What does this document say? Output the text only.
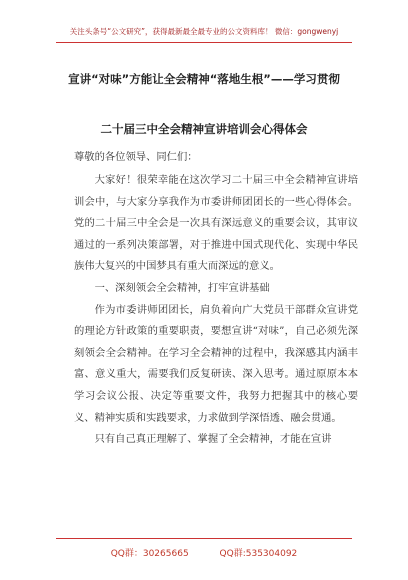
关注头条号“公文研究”，获得最新最全最专业的公文资料库！ 微信：gongwenyj
宣讲“对味”方能让全会精神“落地生根”——学习贯彻
二十届三中全会精神宣讲培训会心得体会
尊敬的各位领导、同仁们：

大家好！很荣幸能在这次学习二十届三中全会精神宣讲培训会中，与大家分享我作为市委讲师团团长的一些心得体会。党的二十届三中全会是一次具有深远意义的重要会议，其审议通过的一系列决策部署，对于推进中国式现代化、实现中华民族伟大复兴的中国梦具有重大而深远的意义。

一、深刻领会全会精神，打牢宣讲基础

作为市委讲师团团长，肩负着向广大党员干部群众宣讲党的理论方针政策的重要职责，要想宣讲“对味”，自己必须先深刻领会全会精神。在学习全会精神的过程中，我深感其内涵丰富、意义重大，需要我们反复研读、深入思考。通过原原本本学习会议公报、决定等重要文件，我努力把握其中的核心要义、精神实质和实践要求，力求做到学深悟透、融会贯通。

只有自己真正理解了、掌握了全会精神，才能在宣讲

QQ群：30265665	QQ群:535304092
